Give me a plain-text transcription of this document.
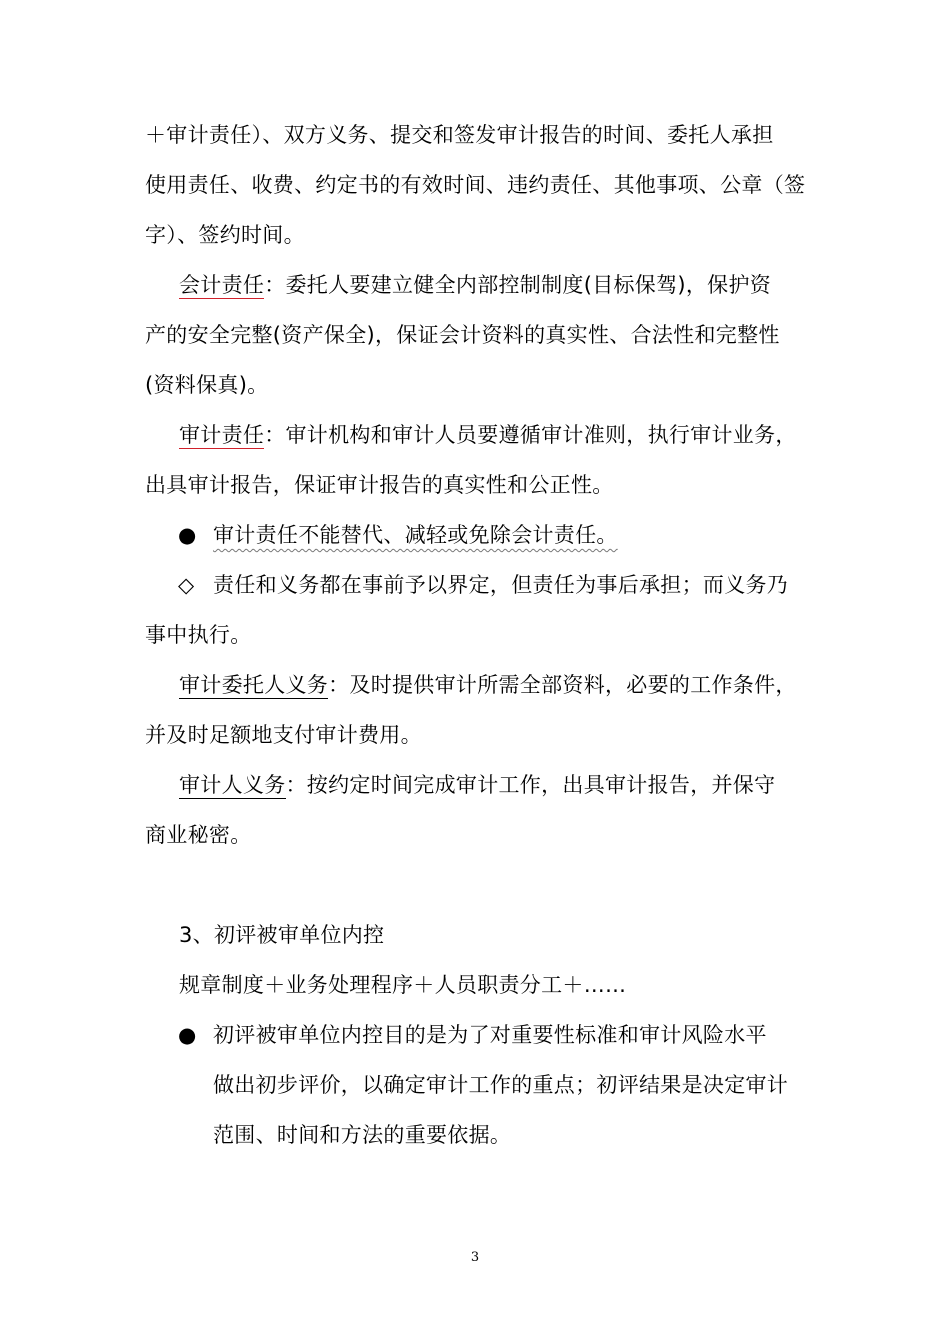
＋审计责任）、双方义务、提交和签发审计报告的时间、委托人承担
使用责任、收费、约定书的有效时间、违约责任、其他事项、公章（签
字）、签约时间。
会计责任：委托人要建立健全内部控制制度(目标保驾)，保护资
产的安全完整(资产保全)，保证会计资料的真实性、合法性和完整性
(资料保真)。
审计责任：审计机构和审计人员要遵循审计准则，执行审计业务，
出具审计报告，保证审计报告的真实性和公正性。
● 审计责任不能替代、减轻或免除会计责任。
◇ 责任和义务都在事前予以界定，但责任为事后承担；而义务乃
事中执行。
审计委托人义务：及时提供审计所需全部资料，必要的工作条件，
并及时足额地支付审计费用。
审计人义务：按约定时间完成审计工作，出具审计报告，并保守
商业秘密。
3、初评被审单位内控
规章制度＋业务处理程序＋人员职责分工＋……
● 初评被审单位内控目的是为了对重要性标准和审计风险水平
做出初步评价，以确定审计工作的重点；初评结果是决定审计
范围、时间和方法的重要依据。
3
